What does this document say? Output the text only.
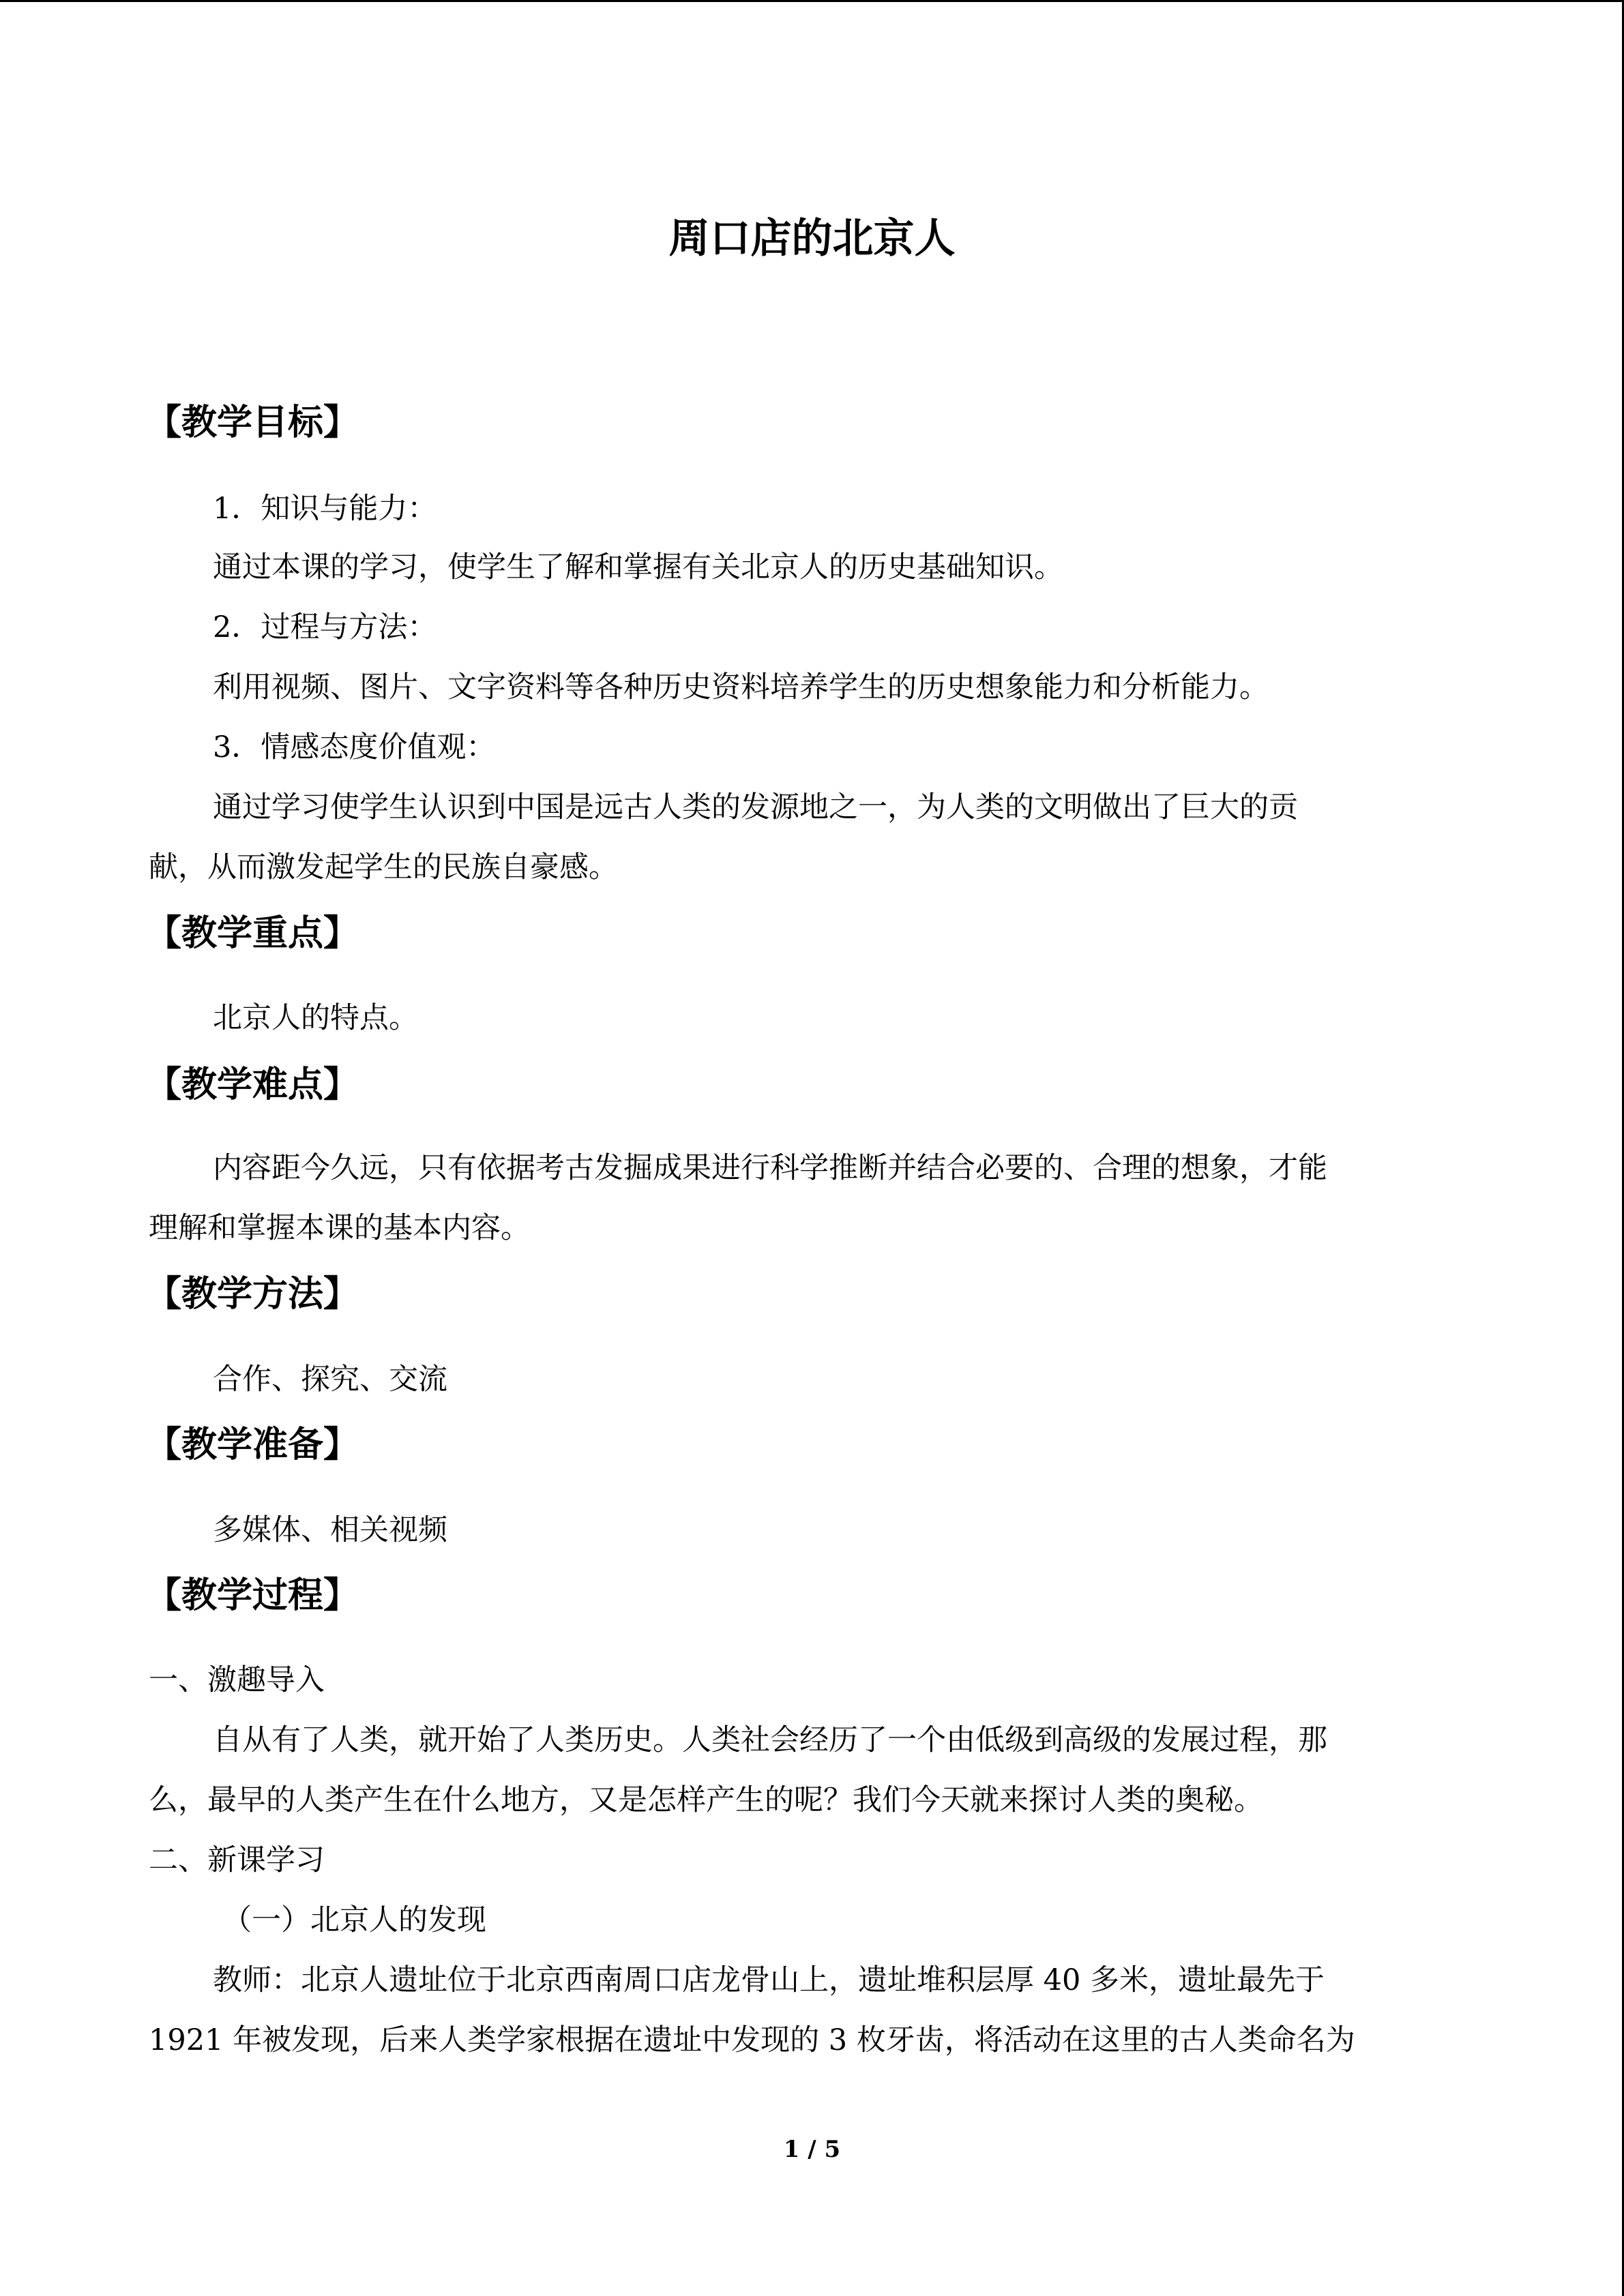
周口店的北京人
【教学目标】
1．知识与能力：
通过本课的学习，使学生了解和掌握有关北京人的历史基础知识。
2．过程与方法：
利用视频、图片、文字资料等各种历史资料培养学生的历史想象能力和分析能力。
3．情感态度价值观：
通过学习使学生认识到中国是远古人类的发源地之一，为人类的文明做出了巨大的贡
献，从而激发起学生的民族自豪感。
【教学重点】
北京人的特点。
【教学难点】
内容距今久远，只有依据考古发掘成果进行科学推断并结合必要的、合理的想象，才能
理解和掌握本课的基本内容。
【教学方法】
合作、探究、交流
【教学准备】
多媒体、相关视频
【教学过程】
一、激趣导入
自从有了人类，就开始了人类历史。人类社会经历了一个由低级到高级的发展过程，那
么，最早的人类产生在什么地方，又是怎样产生的呢？我们今天就来探讨人类的奥秘。
二、新课学习
（一）北京人的发现
教师：北京人遗址位于北京西南周口店龙骨山上，遗址堆积层厚 40 多米，遗址最先于
1921 年被发现，后来人类学家根据在遗址中发现的 3 枚牙齿，将活动在这里的古人类命名为
1 / 5
